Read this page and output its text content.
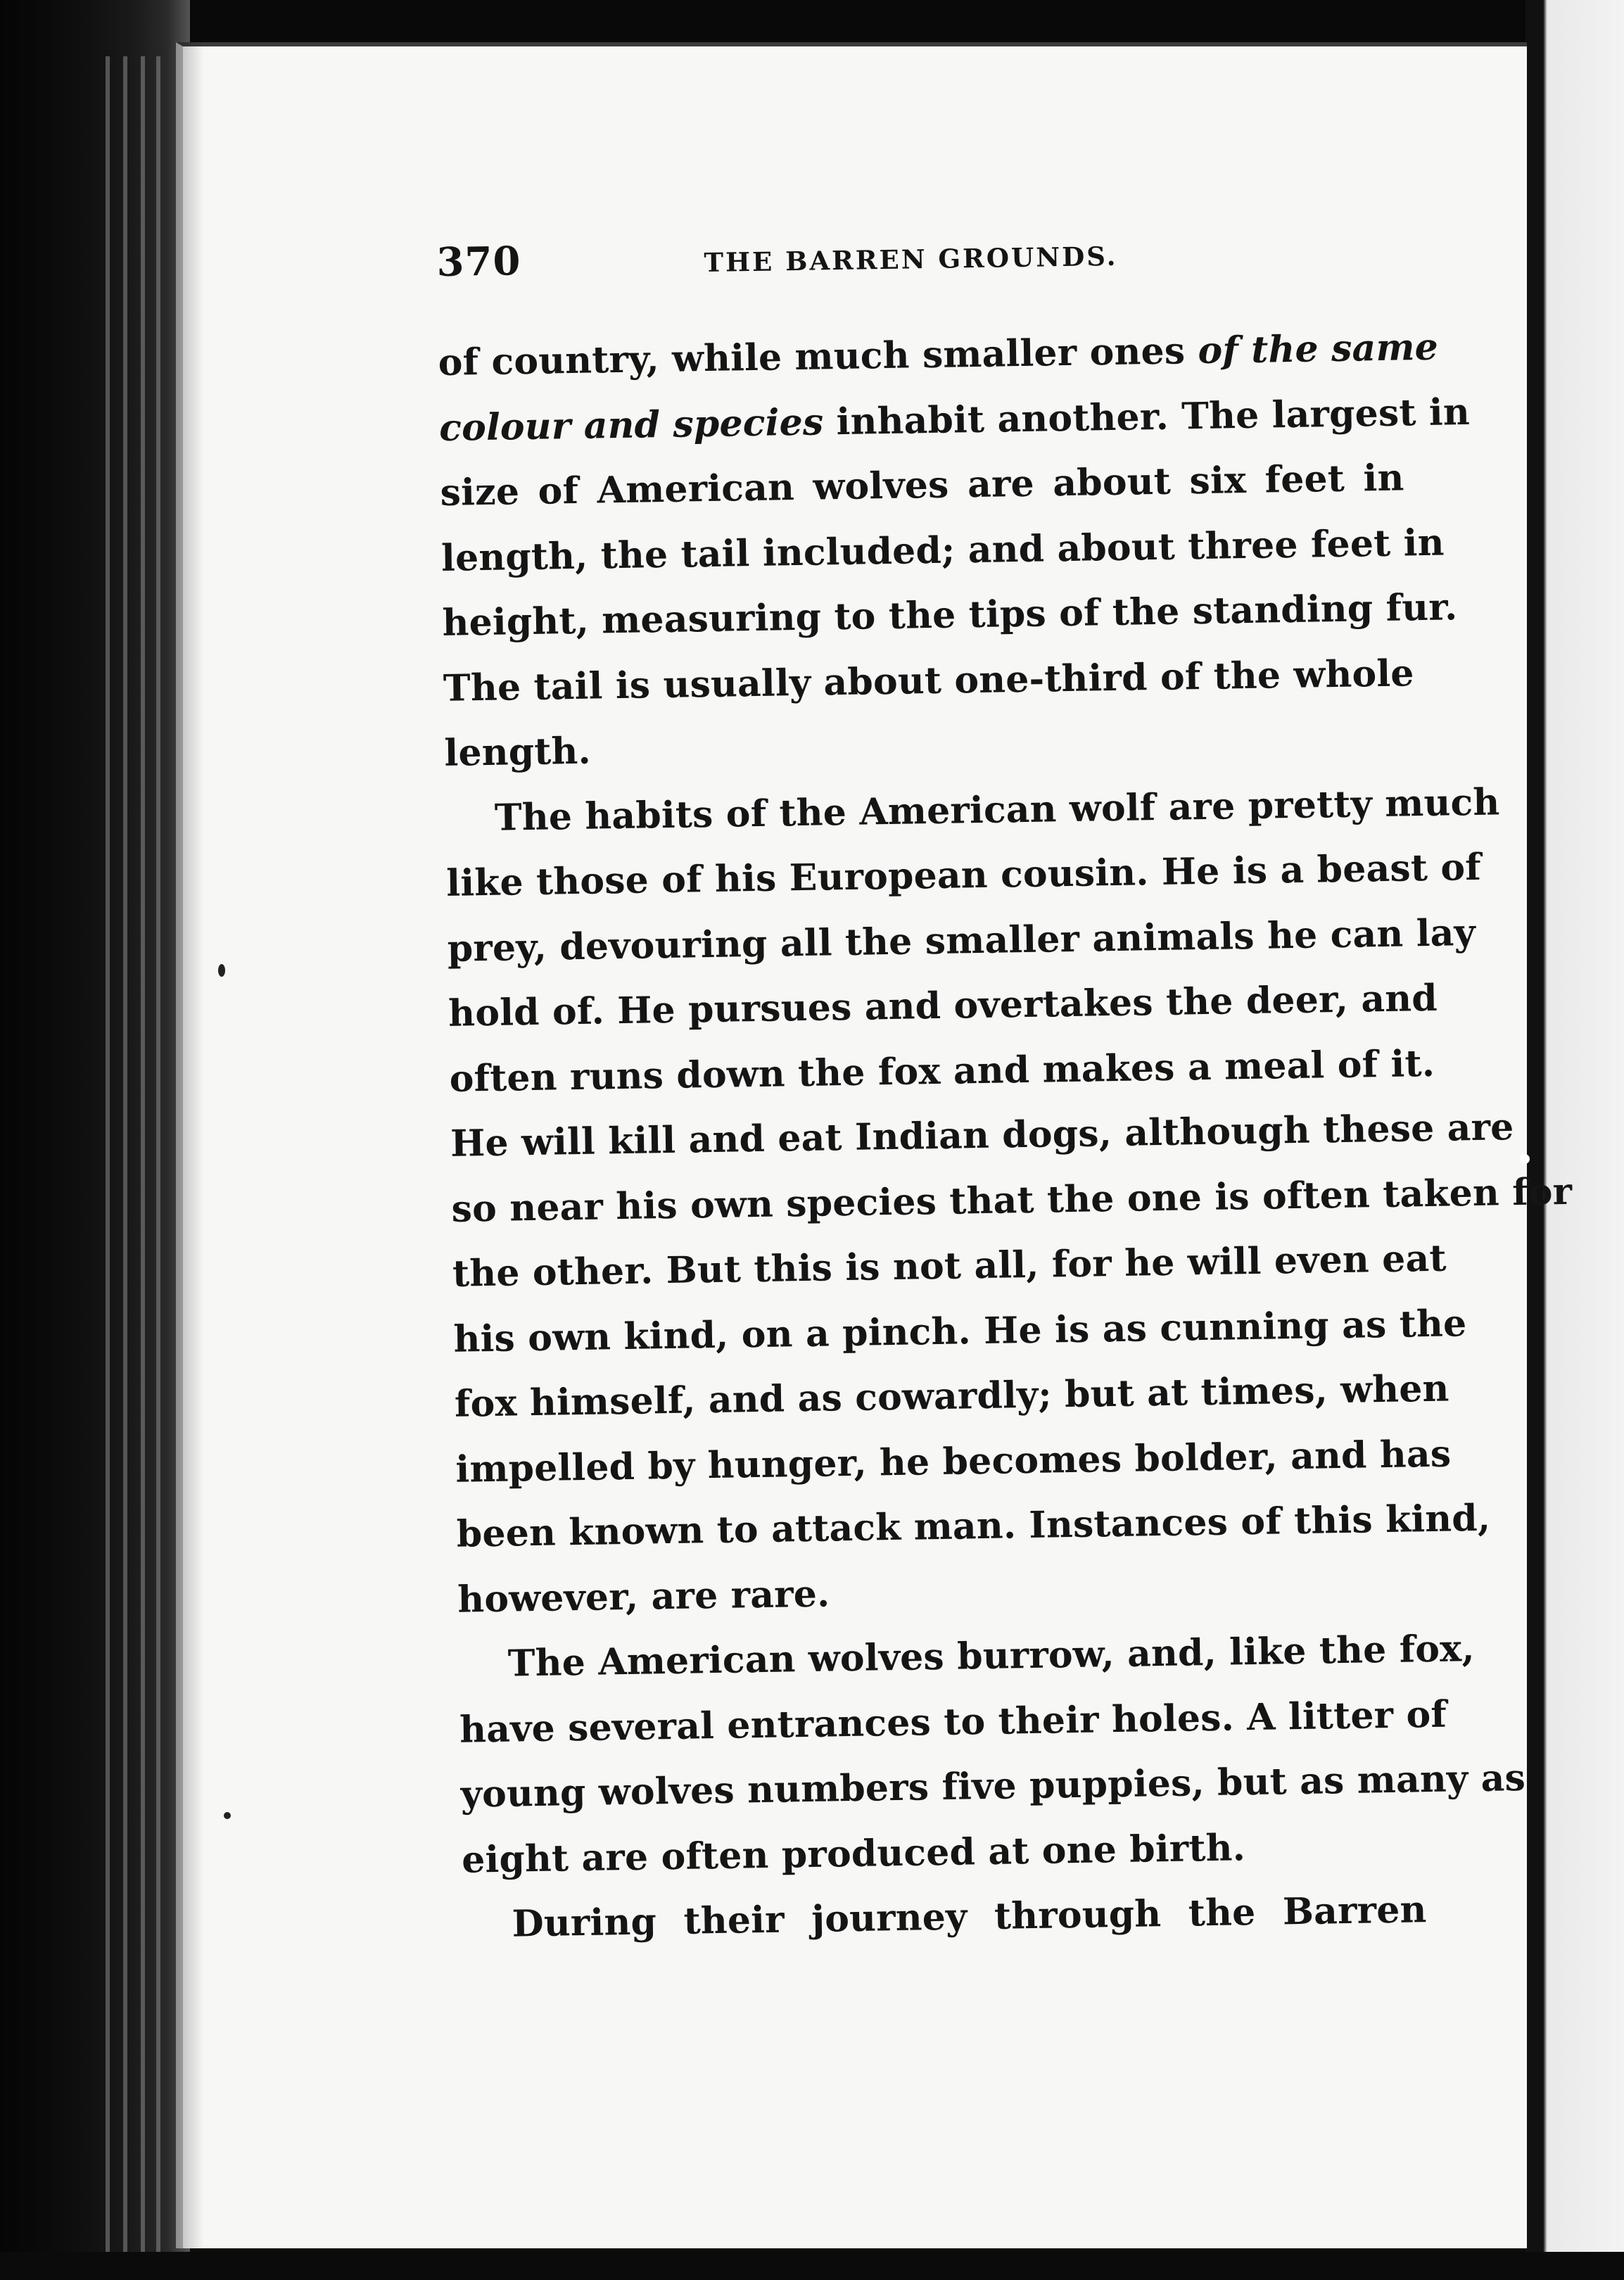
370	THE BARREN GROUNDS.

of country, while much smaller ones of the same
colour and species inhabit another. The largest in
size of American wolves are about six feet in
length, the tail included; and about three feet in
height, measuring to the tips of the standing fur.
The tail is usually about one-third of the whole
length.

The habits of the American wolf are pretty much
like those of his European cousin. He is a beast of
prey, devouring all the smaller animals he can lay
hold of. He pursues and overtakes the deer, and
often runs down the fox and makes a meal of it.
He will kill and eat Indian dogs, although these are
so near his own species that the one is often taken for
the other. But this is not all, for he will even eat
his own kind, on a pinch. He is as cunning as the
fox himself, and as cowardly; but at times, when
impelled by hunger, he becomes bolder, and has
been known to attack man. Instances of this kind,
however, are rare.

The American wolves burrow, and, like the fox,
have several entrances to their holes. A litter of
young wolves numbers five puppies, but as many as
eight are often produced at one birth.

During their journey through the Barren
